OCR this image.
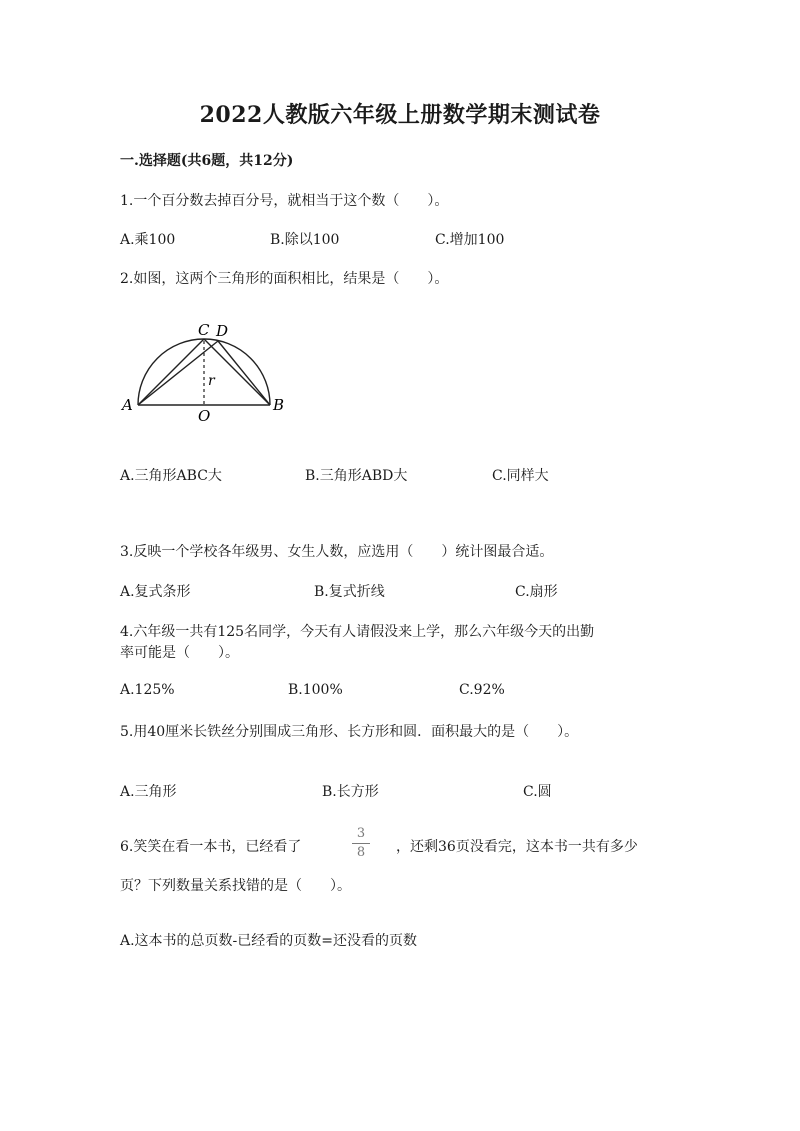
2022人教版六年级上册数学期末测试卷
一.选择题(共6题，共12分)
1.一个百分数去掉百分号，就相当于这个数（　　）。
A.乘100	B.除以100	C.增加100
2.如图，这两个三角形的面积相比，结果是（　　）。
C D
A	B
O
r
A.三角形ABC大	B.三角形ABD大	C.同样大
3.反映一个学校各年级男、女生人数，应选用（　　）统计图最合适。
A.复式条形	B.复式折线	C.扇形
4.六年级一共有125名同学，今天有人请假没来上学，那么六年级今天的出勤
率可能是（　　）。
A.125%	B.100%	C.92%
5.用40厘米长铁丝分别围成三角形、长方形和圆．面积最大的是（　　）。
A.三角形	B.长方形	C.圆
6.笑笑在看一本书，已经看了
3
8	，还剩36页没看完，这本书一共有多少
页？下列数量关系找错的是（　　）。
A.这本书的总页数-已经看的页数=还没看的页数
